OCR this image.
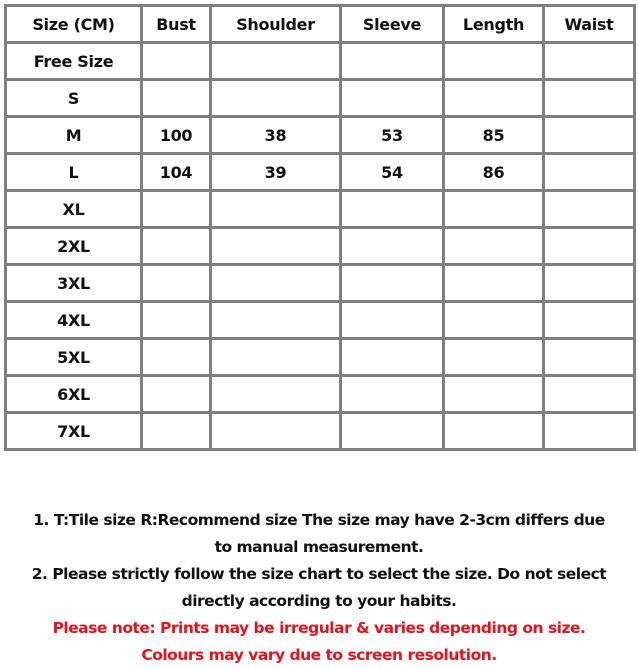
Size (CM)	Bust	Shoulder	Sleeve	Length	Waist
Free Size					
S					
M	100	38	53	85	
L	104	39	54	86	
XL					
2XL					
3XL					
4XL					
5XL					
6XL					
7XL					
1. T:Tile size R:Recommend size The size may have 2-3cm differs due
to manual measurement.
2. Please strictly follow the size chart to select the size. Do not select
directly according to your habits.
Please note: Prints may be irregular & varies depending on size.
Colours may vary due to screen resolution.
